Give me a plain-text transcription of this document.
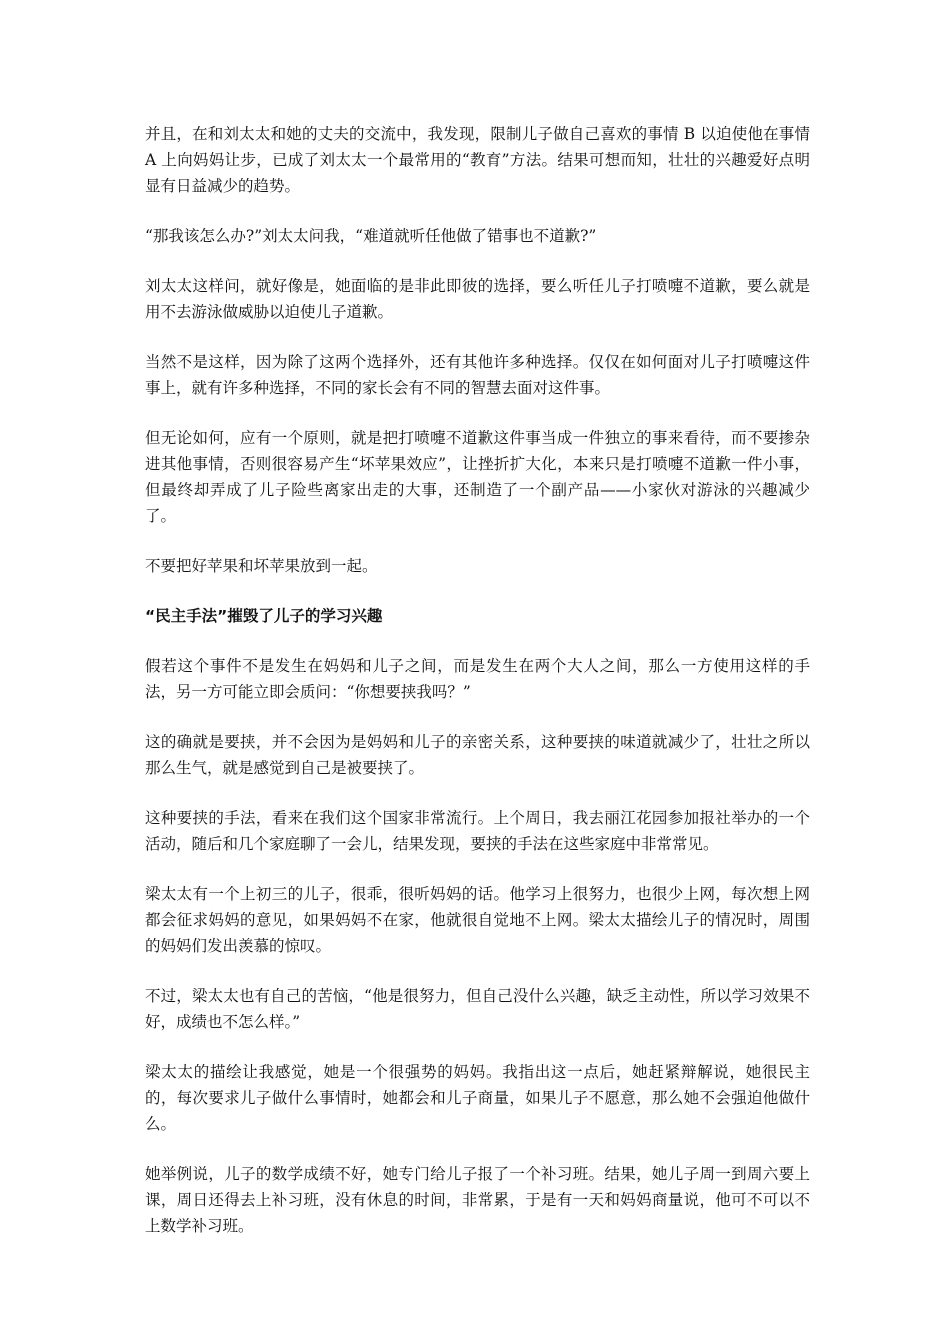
并且，在和刘太太和她的丈夫的交流中，我发现，限制儿子做自己喜欢的事情 B 以迫使他在事情 A 上向妈妈让步，已成了刘太太一个最常用的“教育”方法。结果可想而知，壮壮的兴趣爱好点明显有日益减少的趋势。

“那我该怎么办?”刘太太问我，“难道就听任他做了错事也不道歉?”

刘太太这样问，就好像是，她面临的是非此即彼的选择，要么听任儿子打喷嚏不道歉，要么就是用不去游泳做威胁以迫使儿子道歉。

当然不是这样，因为除了这两个选择外，还有其他许多种选择。仅仅在如何面对儿子打喷嚏这件事上，就有许多种选择，不同的家长会有不同的智慧去面对这件事。

但无论如何，应有一个原则，就是把打喷嚏不道歉这件事当成一件独立的事来看待，而不要掺杂进其他事情，否则很容易产生“坏苹果效应”，让挫折扩大化，本来只是打喷嚏不道歉一件小事，但最终却弄成了儿子险些离家出走的大事，还制造了一个副产品——小家伙对游泳的兴趣减少了。

不要把好苹果和坏苹果放到一起。

“民主手法”摧毁了儿子的学习兴趣

假若这个事件不是发生在妈妈和儿子之间，而是发生在两个大人之间，那么一方使用这样的手法，另一方可能立即会质问：“你想要挟我吗？”

这的确就是要挟，并不会因为是妈妈和儿子的亲密关系，这种要挟的味道就减少了，壮壮之所以那么生气，就是感觉到自己是被要挟了。

这种要挟的手法，看来在我们这个国家非常流行。上个周日，我去丽江花园参加报社举办的一个活动，随后和几个家庭聊了一会儿，结果发现，要挟的手法在这些家庭中非常常见。

梁太太有一个上初三的儿子，很乖，很听妈妈的话。他学习上很努力，也很少上网，每次想上网都会征求妈妈的意见，如果妈妈不在家，他就很自觉地不上网。梁太太描绘儿子的情况时，周围的妈妈们发出羡慕的惊叹。

不过，梁太太也有自己的苦恼，“他是很努力，但自己没什么兴趣，缺乏主动性，所以学习效果不好，成绩也不怎么样。”

梁太太的描绘让我感觉，她是一个很强势的妈妈。我指出这一点后，她赶紧辩解说，她很民主的，每次要求儿子做什么事情时，她都会和儿子商量，如果儿子不愿意，那么她不会强迫他做什么。

她举例说，儿子的数学成绩不好，她专门给儿子报了一个补习班。结果，她儿子周一到周六要上课，周日还得去上补习班，没有休息的时间，非常累，于是有一天和妈妈商量说，他可不可以不上数学补习班。
